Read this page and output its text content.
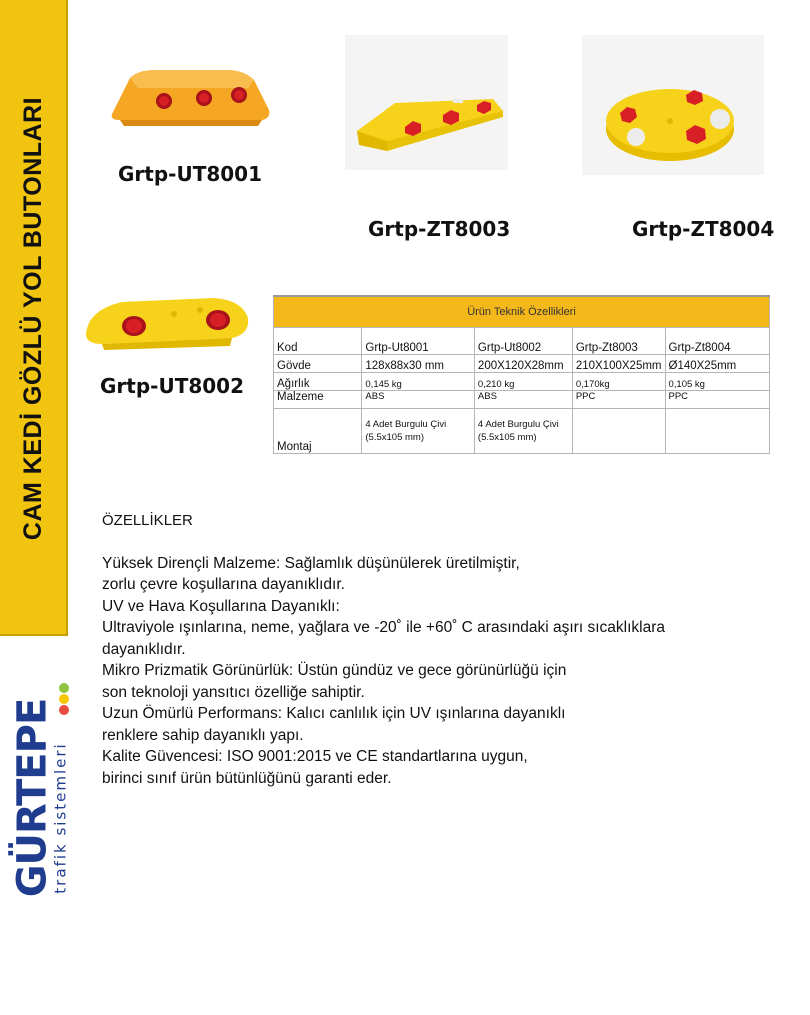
CAM KEDİ GÖZLÜ YOL BUTONLARI	Grtp-UT8001
Grtp-ZT8003	Grtp-ZT8004
Grtp-UT8002
Ürün Teknik Özellikleri				
Kod	Grtp-Ut8001	Grtp-Ut8002	Grtp-Zt8003	Grtp-Zt8004
Gövde	128x88x30 mm	200X120X28mm	210X100X25mm	Ø140X25mm
Ağırlık	0,145 kg	0,210 kg	0,170kg	0,105 kg
Malzeme	ABS	ABS	PPC	PPC
Montaj	4 Adet Burgulu Çivi (5.5x105 mm)	4 Adet Burgulu Çivi (5.5x105 mm)		

ÖZELLİKLER

Yüksek Dirençli Malzeme: Sağlamlık düşünülerek üretilmiştir,

zorlu çevre koşullarına dayanıklıdır.

UV ve Hava Koşullarına Dayanıklı:

Ultraviyole ışınlarına, neme, yağlara ve -20˚ ile +60˚ C arasındaki aşırı sıcaklıklara

dayanıklıdır.

Mikro Prizmatik Görünürlük: Üstün gündüz ve gece görünürlüğü için

son teknoloji yansıtıcı özelliğe sahiptir.

Uzun Ömürlü Performans: Kalıcı canlılık için UV ışınlarına dayanıklı

renklere sahip dayanıklı yapı.

Kalite Güvencesi: ISO 9001:2015 ve CE standartlarına uygun,

birinci sınıf ürün bütünlüğünü garanti eder.

GÜRTEPE
trafik sistemleri
